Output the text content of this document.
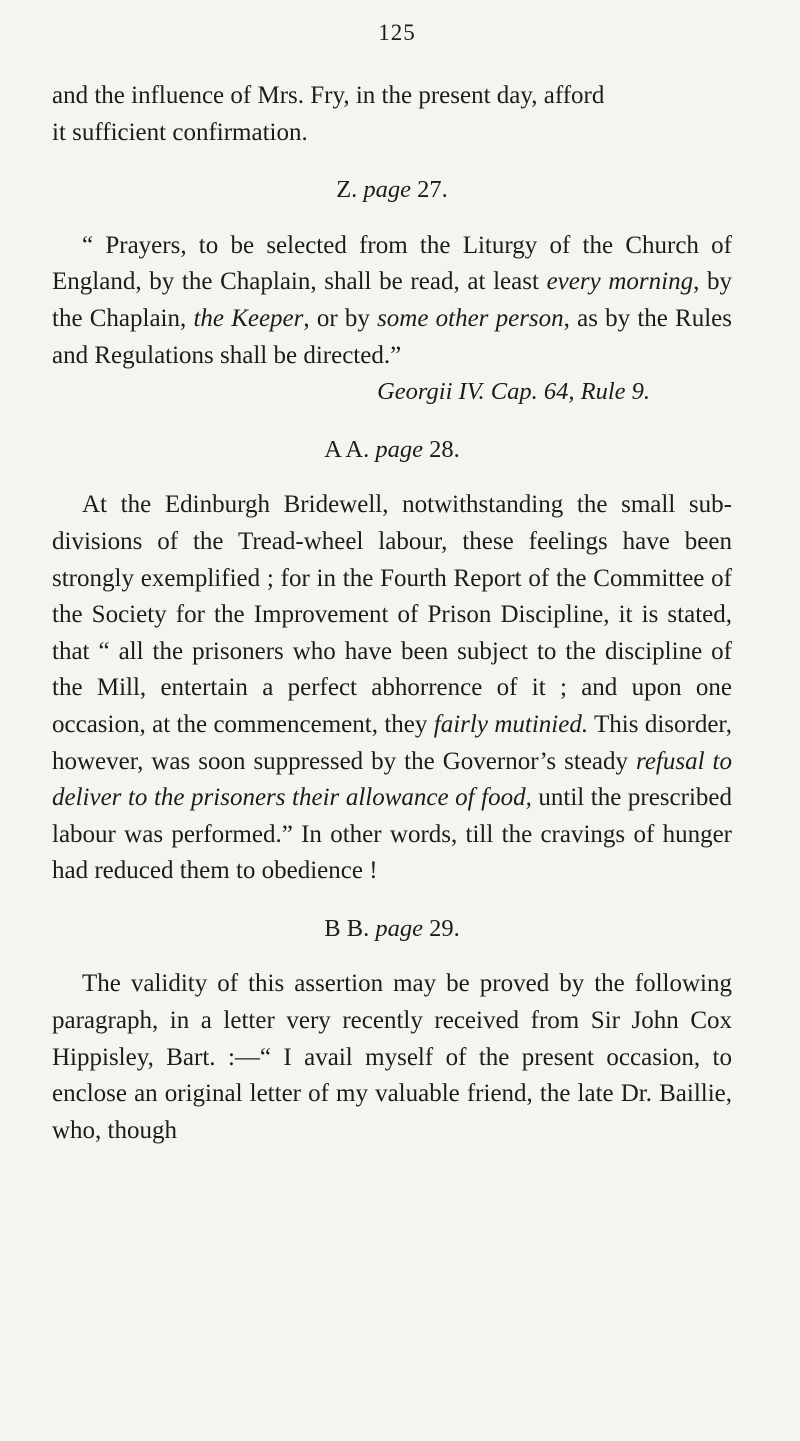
125

and the influence of Mrs. Fry, in the present day, afford
it sufficient confirmation.

Z. page 27.

“ Prayers, to be selected from the Liturgy of the Church of England, by the Chaplain, shall be read, at least every morning, by the Chaplain, the Keeper, or by some other person, as by the Rules and Regulations shall be directed.”

Georgii IV. Cap. 64, Rule 9.
A A. page 28.

At the Edinburgh Bridewell, notwithstanding the small sub-divisions of the Tread-wheel labour, these feelings have been strongly exemplified ; for in the Fourth Report of the Committee of the Society for the Improvement of Prison Discipline, it is stated, that “ all the prisoners who have been subject to the discipline of the Mill, entertain a perfect abhorrence of it ; and upon one occasion, at the commencement, they fairly mutinied. This disorder, however, was soon suppressed by the Governor’s steady refusal to deliver to the prisoners their allowance of food, until the prescribed labour was performed.” In other words, till the cravings of hunger had reduced them to obedience !

B B. page 29.

The validity of this assertion may be proved by the following paragraph, in a letter very recently received from Sir John Cox Hippisley, Bart. :—“ I avail myself of the present occasion, to enclose an original letter of my valuable friend, the late Dr. Baillie, who, though
